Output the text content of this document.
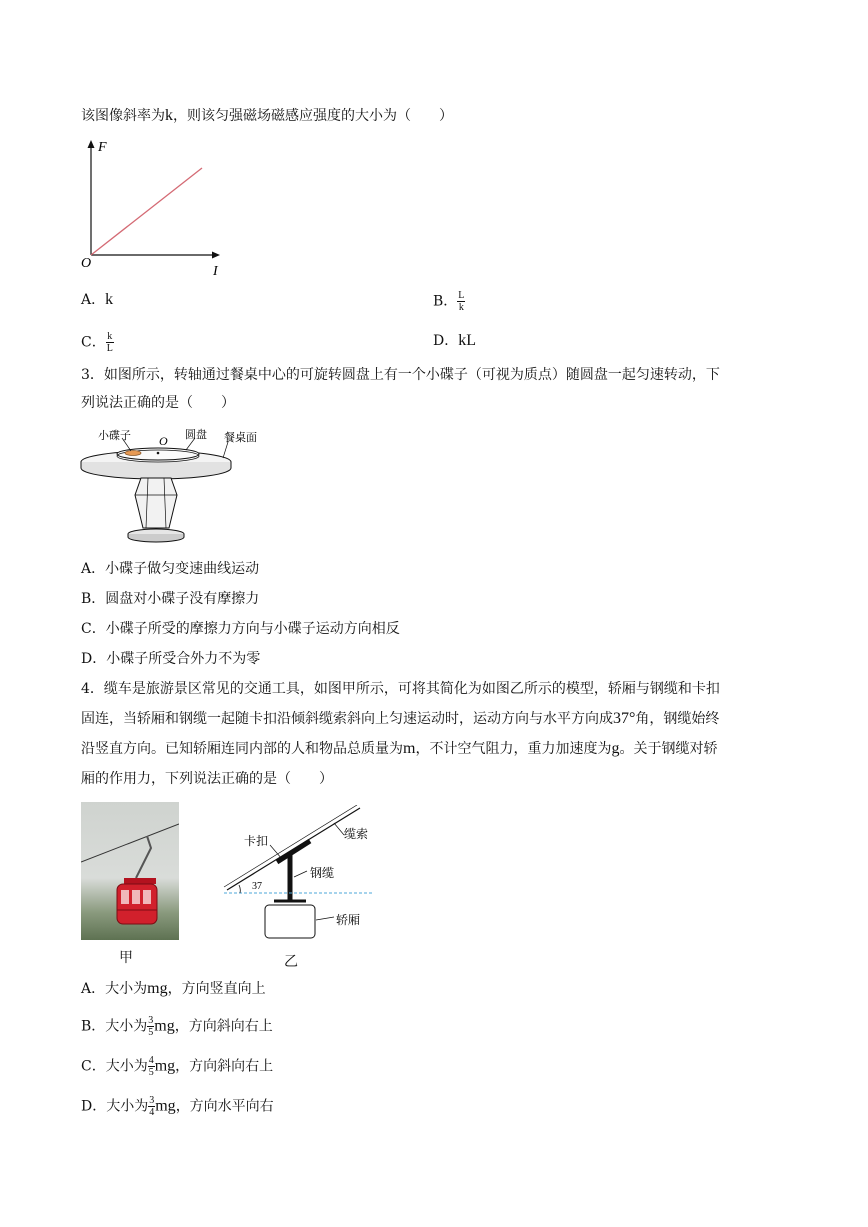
该图像斜率为k，则该匀强磁场磁感应强度的大小为（　　）
F
I
O
A．k	B． $\frac{L}{k}$
C． $\frac{k}{L}$	D．kL
3．如图所示，转轴通过餐桌中心的可旋转圆盘上有一个小碟子（可视为质点）随圆盘一起匀速转动，下
列说法正确的是（　　）
小碟子 O 圆盘 餐桌面
A．小碟子做匀变速曲线运动
B．圆盘对小碟子没有摩擦力
C．小碟子所受的摩擦力方向与小碟子运动方向相反
D．小碟子所受合外力不为零
4．缆车是旅游景区常见的交通工具，如图甲所示，可将其简化为如图乙所示的模型，轿厢与钢缆和卡扣
固连，当轿厢和钢缆一起随卡扣沿倾斜缆索斜向上匀速运动时，运动方向与水平方向成37°角，钢缆始终
沿竖直方向。已知轿厢连同内部的人和物品总质量为m，不计空气阻力，重力加速度为g。关于钢缆对轿
厢的作用力，下列说法正确的是（　　）
甲
卡扣	缆索
钢缆
轿厢
37
乙
A．大小为mg，方向竖直向上
B．大小为 $\frac{3}{5}$ mg，方向斜向右上
C．大小为 $\frac{4}{5}$ mg，方向斜向右上
D．大小为 $\frac{3}{4}$ mg，方向水平向右
